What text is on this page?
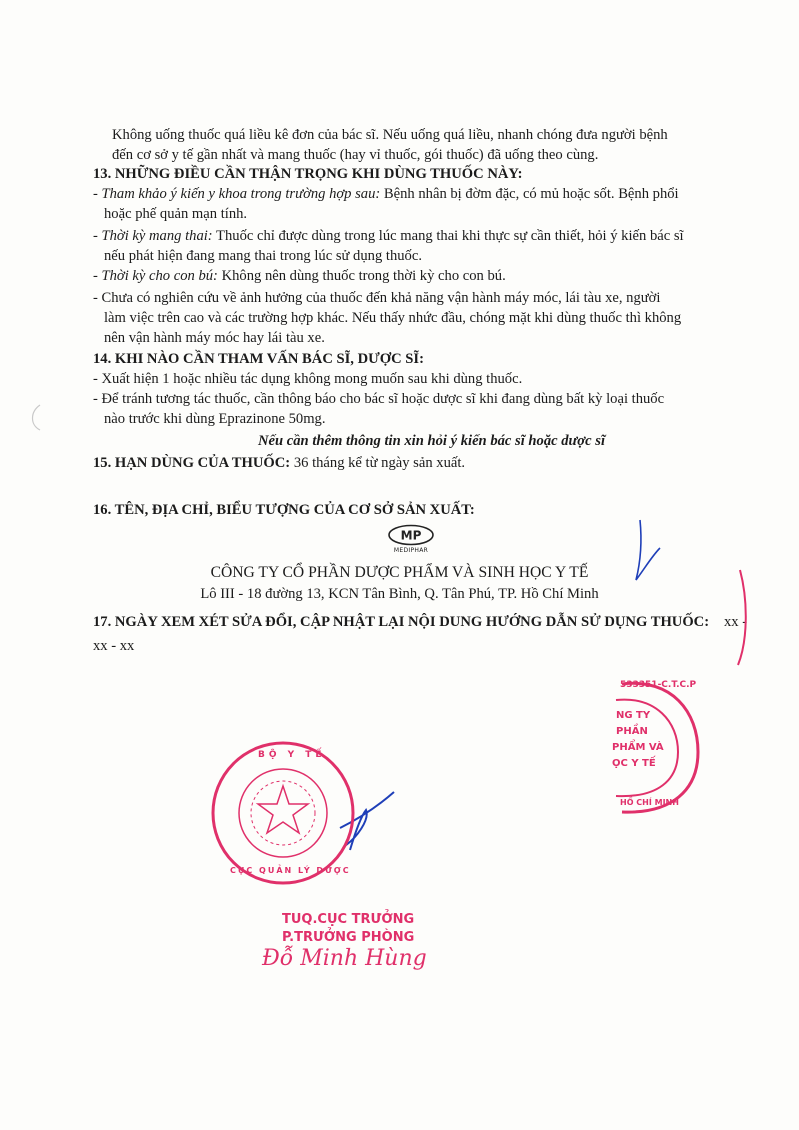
Không uống thuốc quá liều kê đơn của bác sĩ. Nếu uống quá liều, nhanh chóng đưa người bệnh
đến cơ sở y tế gần nhất và mang thuốc (hay vỉ thuốc, gói thuốc) đã uống theo cùng.
13. NHỮNG ĐIỀU CẦN THẬN TRỌNG KHI DÙNG THUỐC NÀY:
- Tham khảo ý kiến y khoa trong trường hợp sau: Bệnh nhân bị đờm đặc, có mủ hoặc sốt. Bệnh phổi
hoặc phế quản mạn tính.
- Thời kỳ mang thai: Thuốc chỉ được dùng trong lúc mang thai khi thực sự cần thiết, hỏi ý kiến bác sĩ
nếu phát hiện đang mang thai trong lúc sử dụng thuốc.
- Thời kỳ cho con bú: Không nên dùng thuốc trong thời kỳ cho con bú.
- Chưa có nghiên cứu về ảnh hưởng của thuốc đến khả năng vận hành máy móc, lái tàu xe, người
làm việc trên cao và các trường hợp khác. Nếu thấy nhức đầu, chóng mặt khi dùng thuốc thì không
nên vận hành máy móc hay lái tàu xe.
14. KHI NÀO CẦN THAM VẤN BÁC SĨ, DƯỢC SĨ:
- Xuất hiện 1 hoặc nhiều tác dụng không mong muốn sau khi dùng thuốc.
- Để tránh tương tác thuốc, cần thông báo cho bác sĩ hoặc dược sĩ khi đang dùng bất kỳ loại thuốc
nào trước khi dùng Eprazinone 50mg.
Nếu cần thêm thông tin xin hỏi ý kiến bác sĩ hoặc dược sĩ
15. HẠN DÙNG CỦA THUỐC: 36 tháng kể từ ngày sản xuất.
16. TÊN, ĐỊA CHỈ, BIỂU TƯỢNG CỦA CƠ SỞ SẢN XUẤT:
MP
MEDIPHAR
CÔNG TY CỔ PHẦN DƯỢC PHẨM VÀ SINH HỌC Y TẾ
Lô III - 18 đường 13, KCN Tân Bình, Q. Tân Phú, TP. Hồ Chí Minh
17. NGÀY XEM XÉT SỬA ĐỔI, CẬP NHẬT LẠI NỘI DUNG HƯỚNG DẪN SỬ DỤNG THUỐC: xx -
xx - xx
533351-C.T.C.P
NG TY
PHẦN
PHẨM VÀ
ỌC Y TẾ
HỒ CHÍ MINH
BỘ Y TẾ
CỤC QUẢN LÝ DƯỢC
TUQ.CỤC TRƯỞNG
P.TRƯỞNG PHÒNG
Đỗ Minh Hùng
